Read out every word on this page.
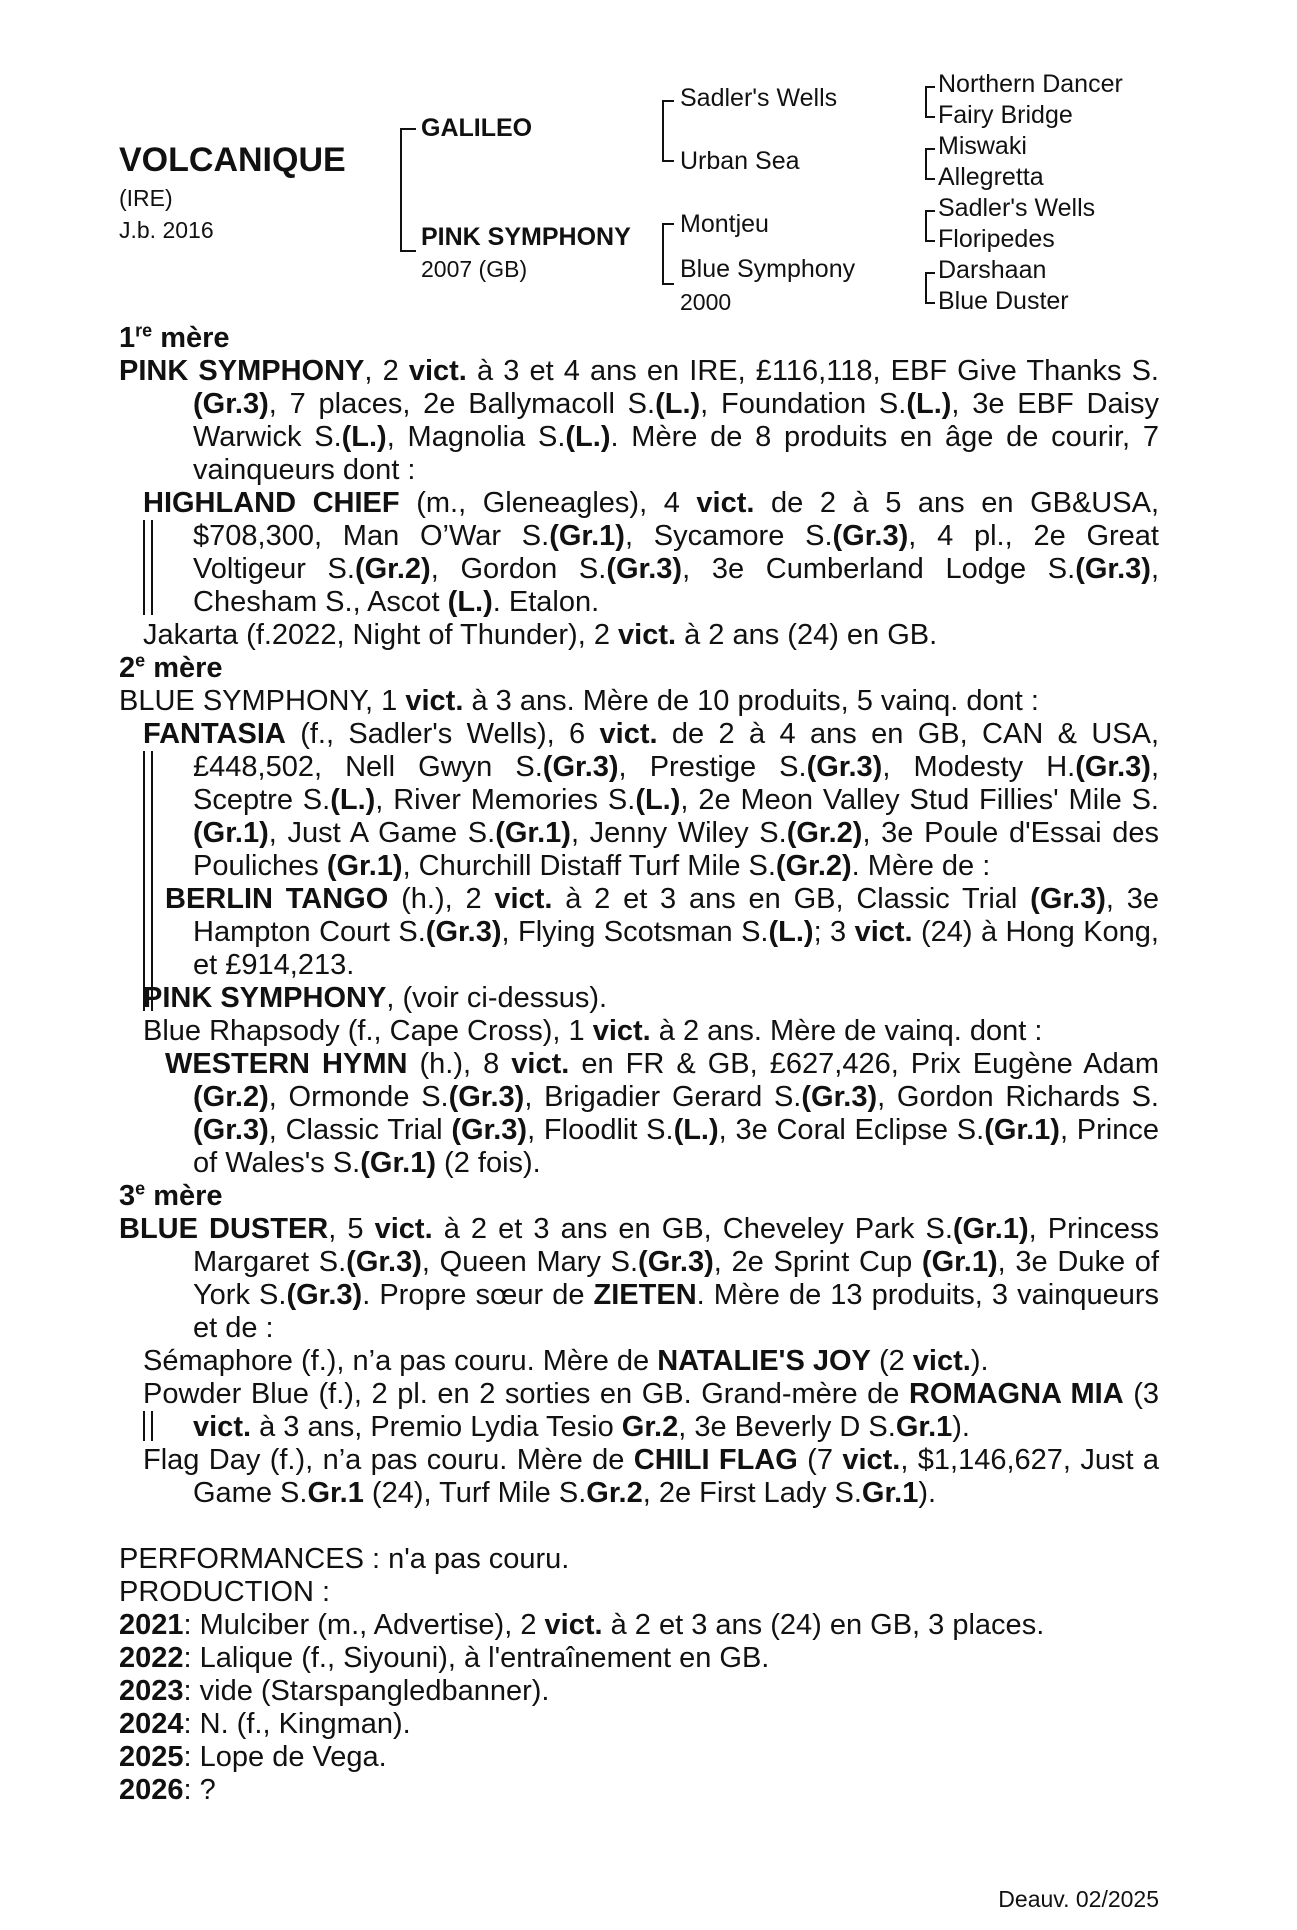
VOLCANIQUE
(IRE)
J.b. 2016
GALILEO
PINK SYMPHONY
2007 (GB)
Sadler's Wells
Urban Sea
Montjeu
Blue Symphony
2000
Northern Dancer
Fairy Bridge
Miswaki
Allegretta
Sadler's Wells
Floripedes
Darshaan
Blue Duster
1re mère
PINK SYMPHONY, 2 vict. à 3 et 4 ans en IRE, £116,118, EBF Give Thanks S.(Gr.3), 7 places, 2e Ballymacoll S.(L.), Foundation S.(L.), 3e EBF Daisy Warwick S.(L.), Magnolia S.(L.). Mère de 8 produits en âge de courir, 7 vainqueurs dont :
HIGHLAND CHIEF (m., Gleneagles), 4 vict. de 2 à 5 ans en GB&USA, $708,300, Man O’War S.(Gr.1), Sycamore S.(Gr.3), 4 pl., 2e Great Voltigeur S.(Gr.2), Gordon S.(Gr.3), 3e Cumberland Lodge S.(Gr.3), Chesham S., Ascot (L.). Etalon.
Jakarta (f.2022, Night of Thunder), 2 vict. à 2 ans (24) en GB.
2e mère
BLUE SYMPHONY, 1 vict. à 3 ans. Mère de 10 produits, 5 vainq. dont :
FANTASIA (f., Sadler's Wells), 6 vict. de 2 à 4 ans en GB, CAN & USA, £448,502, Nell Gwyn S.(Gr.3), Prestige S.(Gr.3), Modesty H.(Gr.3), Sceptre S.(L.), River Memories S.(L.), 2e Meon Valley Stud Fillies' Mile S.(Gr.1), Just A Game S.(Gr.1), Jenny Wiley S.(Gr.2), 3e Poule d'Essai des Pouliches (Gr.1), Churchill Distaff Turf Mile S.(Gr.2). Mère de :
BERLIN TANGO (h.), 2 vict. à 2 et 3 ans en GB, Classic Trial (Gr.3), 3e Hampton Court S.(Gr.3), Flying Scotsman S.(L.); 3 vict. (24) à Hong Kong, et £914,213.
PINK SYMPHONY, (voir ci-dessus).
Blue Rhapsody (f., Cape Cross), 1 vict. à 2 ans. Mère de vainq. dont :
WESTERN HYMN (h.), 8 vict. en FR & GB, £627,426, Prix Eugène Adam (Gr.2), Ormonde S.(Gr.3), Brigadier Gerard S.(Gr.3), Gordon Richards S.(Gr.3), Classic Trial (Gr.3), Floodlit S.(L.), 3e Coral Eclipse S.(Gr.1), Prince of Wales's S.(Gr.1) (2 fois).
3e mère
BLUE DUSTER, 5 vict. à 2 et 3 ans en GB, Cheveley Park S.(Gr.1), Princess Margaret S.(Gr.3), Queen Mary S.(Gr.3), 2e Sprint Cup (Gr.1), 3e Duke of York S.(Gr.3). Propre sœur de ZIETEN. Mère de 13 produits, 3 vainqueurs et de :
Sémaphore (f.), n’a pas couru. Mère de NATALIE'S JOY (2 vict.).
Powder Blue (f.), 2 pl. en 2 sorties en GB. Grand-mère de ROMAGNA MIA (3 vict. à 3 ans, Premio Lydia Tesio Gr.2, 3e Beverly D S.Gr.1).
Flag Day (f.), n’a pas couru. Mère de CHILI FLAG (7 vict., $1,146,627, Just a Game S.Gr.1 (24), Turf Mile S.Gr.2, 2e First Lady S.Gr.1).
PERFORMANCES : n'a pas couru.
PRODUCTION :
2021: Mulciber (m., Advertise), 2 vict. à 2 et 3 ans (24) en GB, 3 places.
2022: Lalique (f., Siyouni), à l'entraînement en GB.
2023: vide (Starspangledbanner).
2024: N. (f., Kingman).
2025: Lope de Vega.
2026: ?
Deauv. 02/2025
